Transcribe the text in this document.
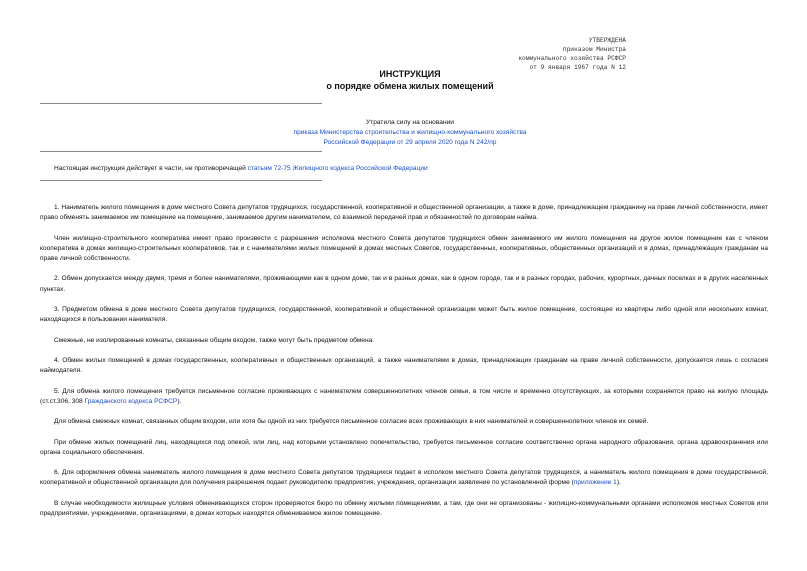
УТВЕРЖДЕНА
приказом Министра
коммунального хозяйства РСФСР
от 9 января 1967 года N 12
ИНСТРУКЦИЯ
о порядке обмена жилых помещений
Утратила силу на основании
приказа Министерства строительства и жилищно-коммунального хозяйства
Российской Федерации от 29 апреля 2020 года N 242/пр
Настоящая инструкция действует в части, не противоречащей статьям 72-75 Жилищного кодекса Российской Федерации

1. Наниматель жилого помещения в доме местного Совета депутатов трудящихся, государственной, кооперативной и общественной организации, а также в доме, принадлежащем гражданину на праве личной собственности, имеет право обменять занимаемое им помещение на помещение, занимаемое другим нанимателем, со взаимной передачей прав и обязанностей по договорам найма.

Член жилищно-строительного кооператива имеет право произвести с разрешения исполкома местного Совета депутатов трудящихся обмен занимаемого им жилого помещения на другое жилое помещение как с членом кооператива в домах жилищно-строительных кооперативов, так и с нанимателями жилых помещений в домах местных Советов, государственных, кооперативных, общественных организаций и в домах, принадлежащих гражданам на праве личной собственности.

2. Обмен допускается между двумя, тремя и более нанимателями, проживающими как в одном доме, так и в разных домах, как в одном городе, так и в разных городах, рабочих, курортных, дачных поселках и в других населенных пунктах.

3. Предметом обмена в доме местного Совета депутатов трудящихся, государственной, кооперативной и общественной организации может быть жилое помещение, состоящее из квартиры либо одной или нескольких комнат, находящихся в пользовании нанимателя.

Смежные, не изолированные комнаты, связанные общим входом, также могут быть предметом обмена.

4. Обмен жилых помещений в домах государственных, кооперативных и общественных организаций, а также нанимателями в домах, принадлежащих гражданам на праве личной собственности, допускается лишь с согласия наймодателя.

5. Для обмена жилого помещения требуется письменное согласие проживающих с нанимателем совершеннолетних членов семьи, в том числе и временно отсутствующих, за которыми сохраняется право на жилую площадь (ст.ст.306, 308 Гражданского кодекса РСФСР).

Для обмена смежных комнат, связанных общим входом, или хотя бы одной из них требуется письменное согласие всех проживающих в них нанимателей и совершеннолетних членов их семей.

При обмене жилых помещений лиц, находящихся под опекой, или лиц, над которыми установлено попечительство, требуется письменное согласие соответственно органа народного образования, органа здравоохранения или органа социального обеспечения.

6. Для оформления обмена наниматель жилого помещения в доме местного Совета депутатов трудящихся подает в исполком местного Совета депутатов трудящихся, а наниматель жилого помещения в доме государственной, кооперативной и общественной организации для получения разрешения подает руководителю предприятия, учреждения, организации заявление по установленной форме (приложение 1).

В случае необходимости жилищные условия обменивающихся сторон проверяются бюро по обмену жилыми помещениями, а там, где они не организованы - жилищно-коммунальными органами исполкомов местных Советов или предприятиями, учреждениями, организациями, в домах которых находятся обмениваемое жилое помещение.
